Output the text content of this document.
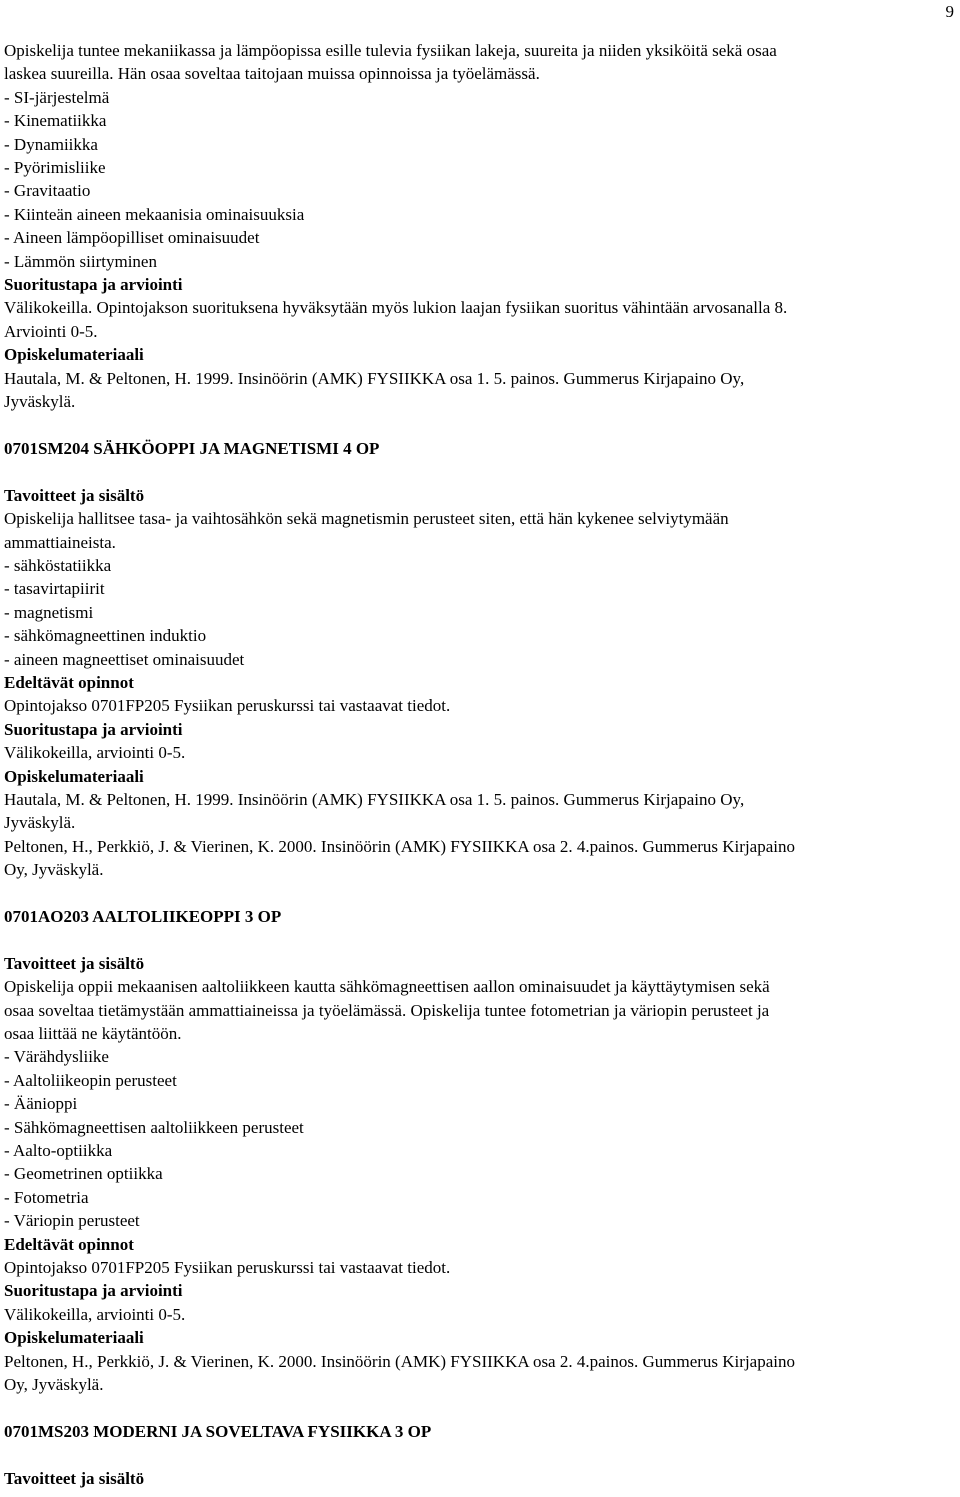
9

Opiskelija tuntee mekaniikassa ja lämpöopissa esille tulevia fysiikan lakeja, suureita ja niiden yksiköitä sekä osaa

laskea suureilla. Hän osaa soveltaa taitojaan muissa opinnoissa ja työelämässä.

- SI-järjestelmä

- Kinematiikka

- Dynamiikka

- Pyörimisliike

- Gravitaatio

- Kiinteän aineen mekaanisia ominaisuuksia

- Aineen lämpöopilliset ominaisuudet

- Lämmön siirtyminen

Suoritustapa ja arviointi

Välikokeilla. Opintojakson suorituksena hyväksytään myös lukion laajan fysiikan suoritus vähintään arvosanalla 8.

Arviointi 0-5.

Opiskelumateriaali

Hautala, M. & Peltonen, H. 1999. Insinöörin (AMK) FYSIIKKA osa 1. 5. painos. Gummerus Kirjapaino Oy,

Jyväskylä.

0701SM204 SÄHKÖOPPI JA MAGNETISMI 4 OP

Tavoitteet ja sisältö

Opiskelija hallitsee tasa- ja vaihtosähkön sekä magnetismin perusteet siten, että hän kykenee selviytymään

ammattiaineista.

- sähköstatiikka

- tasavirtapiirit

- magnetismi

- sähkömagneettinen induktio

- aineen magneettiset ominaisuudet

Edeltävät opinnot

Opintojakso 0701FP205 Fysiikan peruskurssi tai vastaavat tiedot.

Suoritustapa ja arviointi

Välikokeilla, arviointi 0-5.

Opiskelumateriaali

Hautala, M. & Peltonen, H. 1999. Insinöörin (AMK) FYSIIKKA osa 1. 5. painos. Gummerus Kirjapaino Oy,

Jyväskylä.

Peltonen, H., Perkkiö, J. & Vierinen, K. 2000. Insinöörin (AMK) FYSIIKKA osa 2. 4.painos. Gummerus Kirjapaino

Oy, Jyväskylä.

0701AO203 AALTOLIIKEOPPI 3 OP

Tavoitteet ja sisältö

Opiskelija oppii mekaanisen aaltoliikkeen kautta sähkömagneettisen aallon ominaisuudet ja käyttäytymisen sekä

osaa soveltaa tietämystään ammattiaineissa ja työelämässä. Opiskelija tuntee fotometrian ja väriopin perusteet ja

osaa liittää ne käytäntöön.

- Värähdysliike

- Aaltoliikeopin perusteet

- Äänioppi

- Sähkömagneettisen aaltoliikkeen perusteet

- Aalto-optiikka

- Geometrinen optiikka

- Fotometria

- Väriopin perusteet

Edeltävät opinnot

Opintojakso 0701FP205 Fysiikan peruskurssi tai vastaavat tiedot.

Suoritustapa ja arviointi

Välikokeilla, arviointi 0-5.

Opiskelumateriaali

Peltonen, H., Perkkiö, J. & Vierinen, K. 2000. Insinöörin (AMK) FYSIIKKA osa 2. 4.painos. Gummerus Kirjapaino

Oy, Jyväskylä.

0701MS203 MODERNI JA SOVELTAVA FYSIIKKA 3 OP

Tavoitteet ja sisältö
